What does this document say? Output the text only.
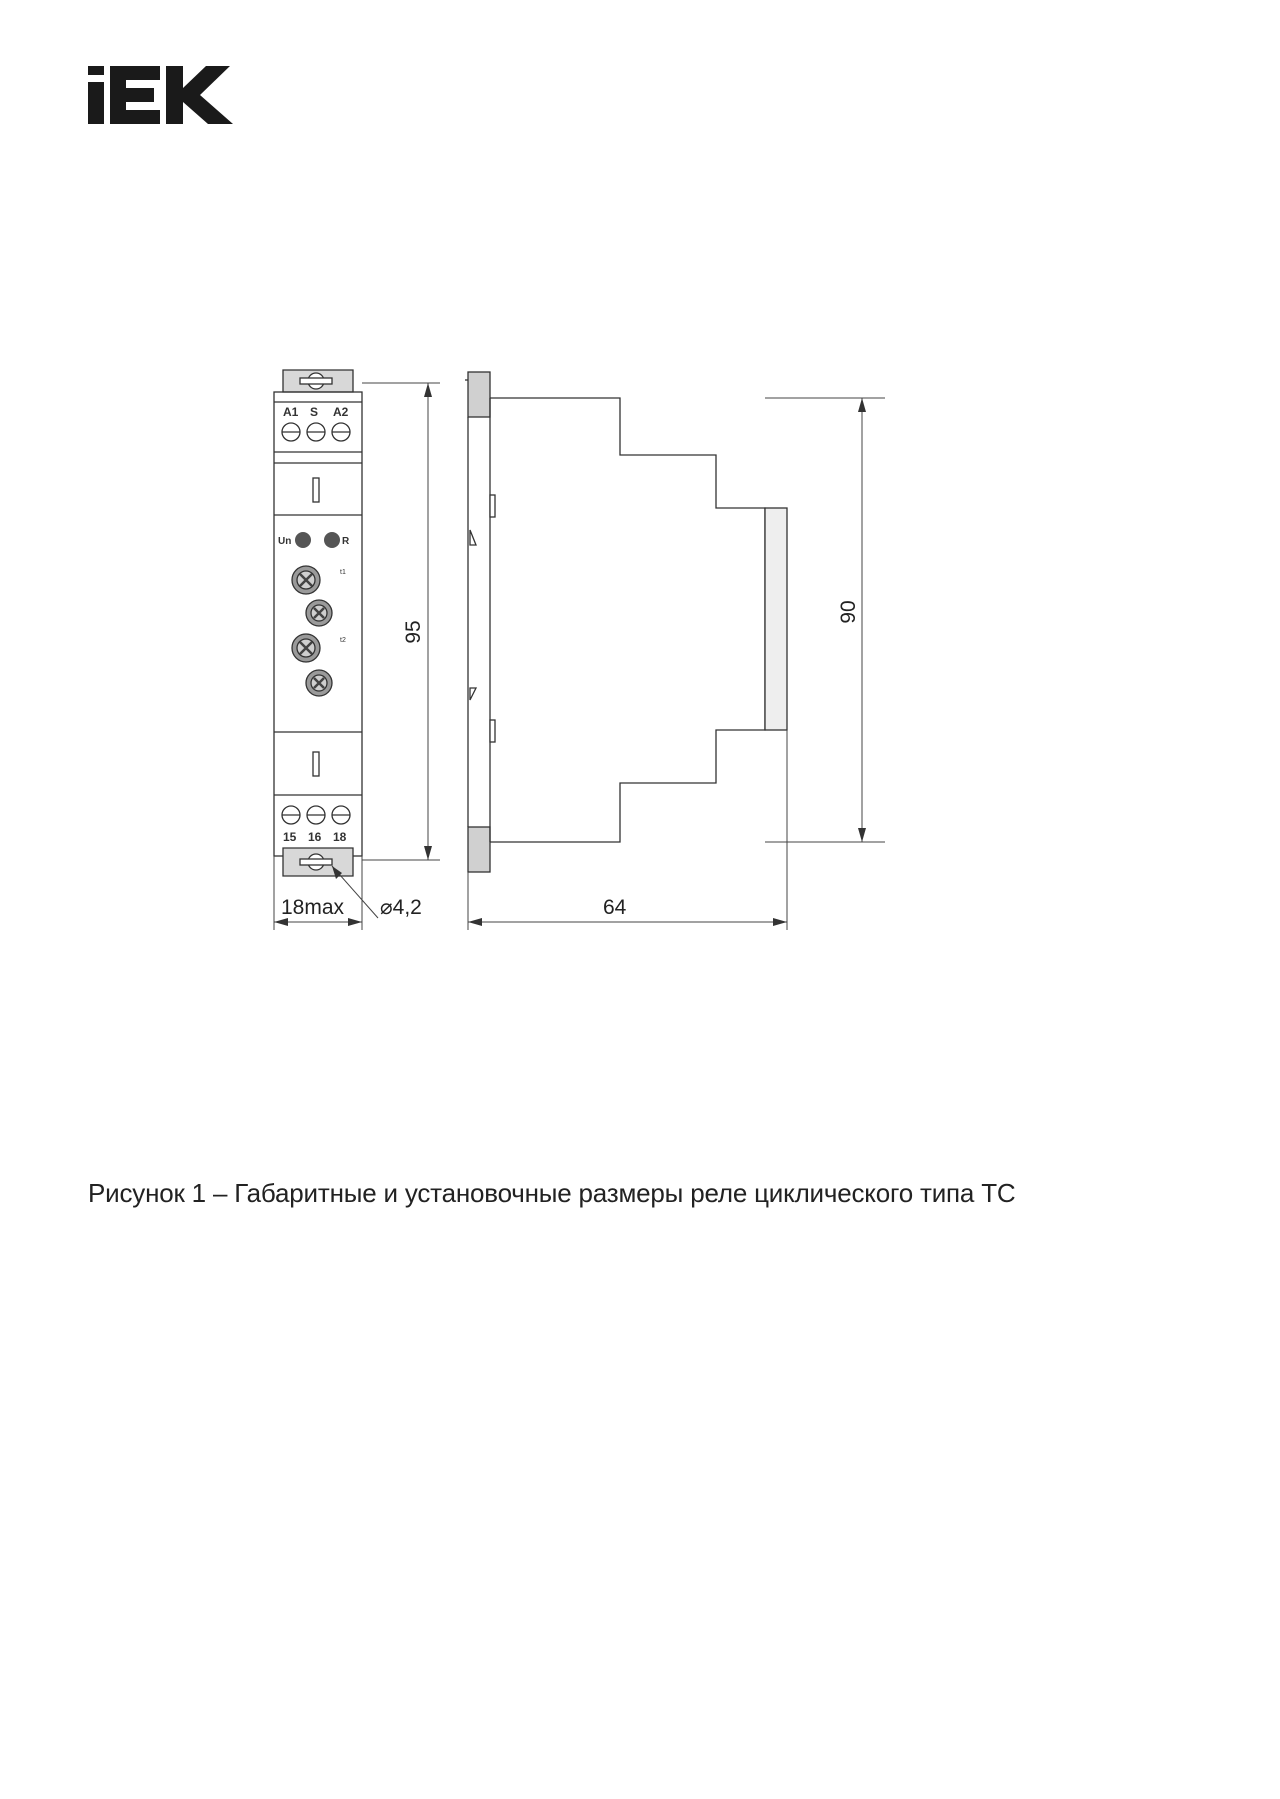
A1 S A2
Un	R
t1
t2
15 16 18
95
90
18max	64
⌀4,2
Рисунок 1 – Габаритные и установочные размеры реле циклического типа TC
